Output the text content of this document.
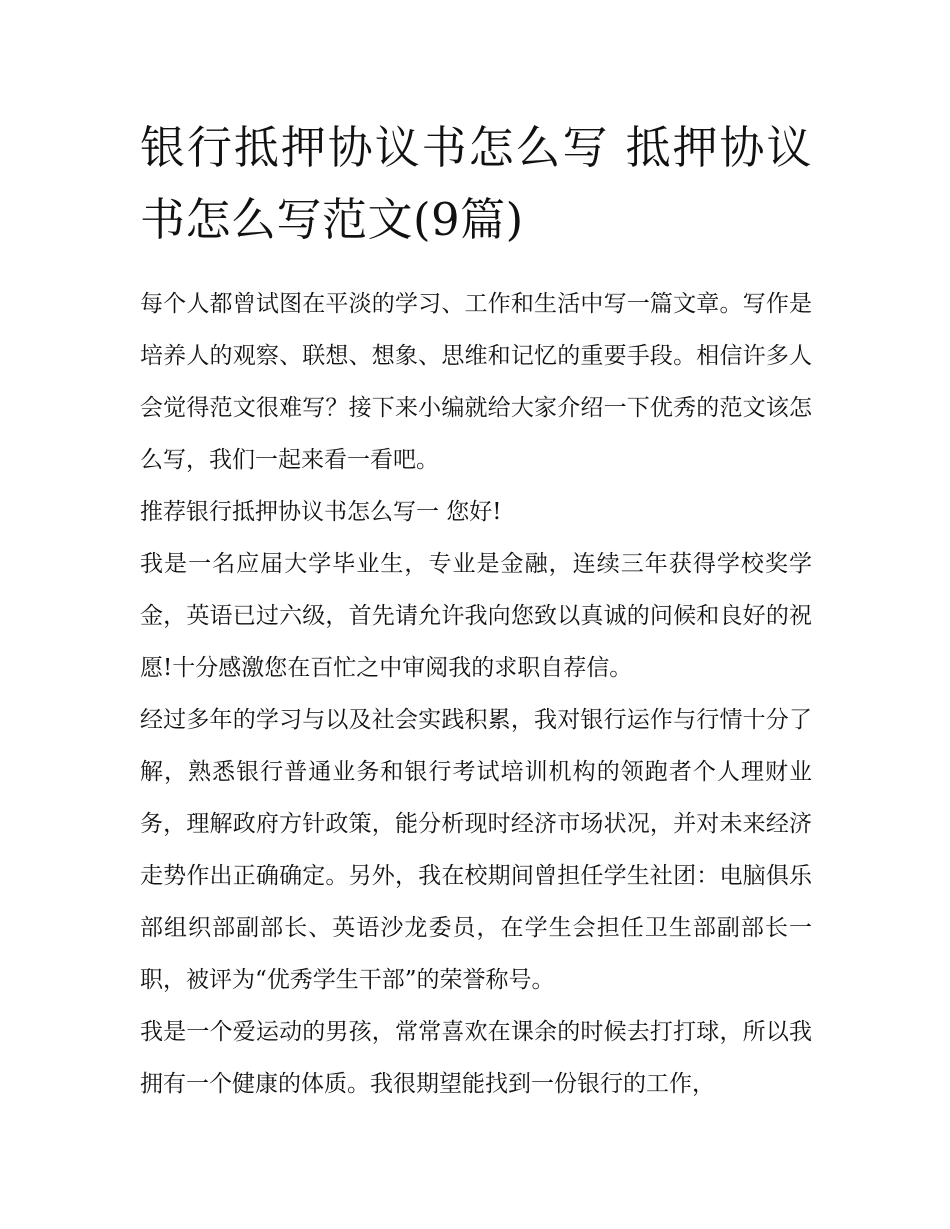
银行抵押协议书怎么写 抵押协议书怎么写范文(9篇)

每个人都曾试图在平淡的学习、工作和生活中写一篇文章。写作是培养人的观察、联想、想象、思维和记忆的重要手段。相信许多人会觉得范文很难写？接下来小编就给大家介绍一下优秀的范文该怎么写，我们一起来看一看吧。

推荐银行抵押协议书怎么写一 您好!

我是一名应届大学毕业生，专业是金融，连续三年获得学校奖学金，英语已过六级，首先请允许我向您致以真诚的问候和良好的祝愿!十分感激您在百忙之中审阅我的求职自荐信。

经过多年的学习与以及社会实践积累，我对银行运作与行情十分了解，熟悉银行普通业务和银行考试培训机构的领跑者个人理财业务，理解政府方针政策，能分析现时经济市场状况，并对未来经济走势作出正确确定。另外，我在校期间曾担任学生社团：电脑俱乐部组织部副部长、英语沙龙委员，在学生会担任卫生部副部长一职，被评为“优秀学生干部”的荣誉称号。

我是一个爱运动的男孩，常常喜欢在课余的时候去打打球，所以我拥有一个健康的体质。我很期望能找到一份银行的工作，
